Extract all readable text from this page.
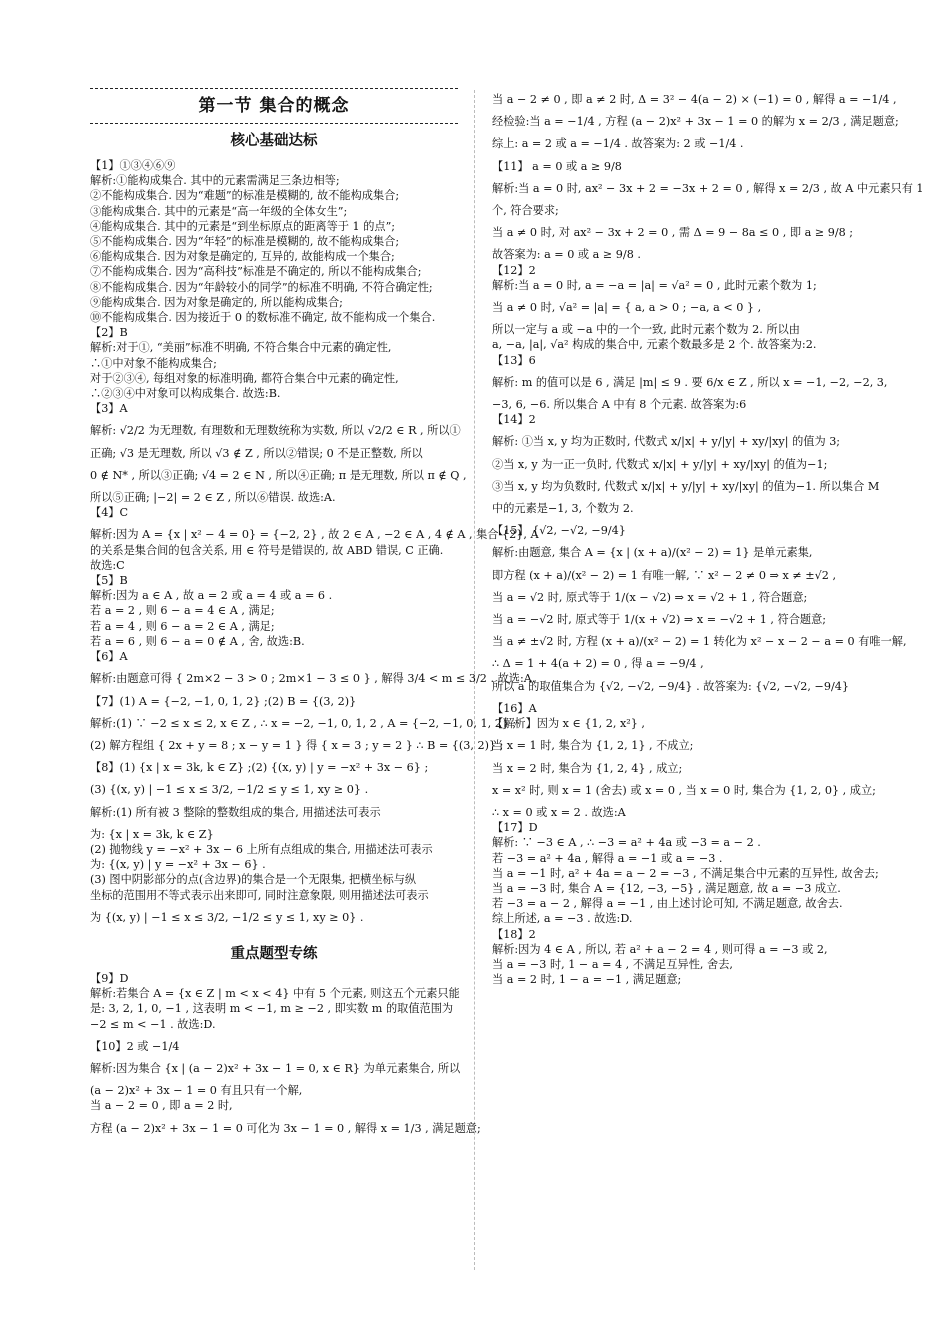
第一节 集合的概念
核心基础达标
【1】①③④⑥⑨
解析:①能构成集合. 其中的元素需满足三条边相等;
②不能构成集合. 因为“难题”的标准是模糊的, 故不能构成集合;
③能构成集合. 其中的元素是“高一年级的全体女生”;
④能构成集合. 其中的元素是“到坐标原点的距离等于 1 的点”;
⑤不能构成集合. 因为“年轻”的标准是模糊的, 故不能构成集合;
⑥能构成集合. 因为对象是确定的, 互异的, 故能构成一个集合;
⑦不能构成集合. 因为“高科技”标准是不确定的, 所以不能构成集合;
⑧不能构成集合. 因为“年龄较小的同学”的标准不明确, 不符合确定性;
⑨能构成集合. 因为对象是确定的, 所以能构成集合;
⑩不能构成集合. 因为接近于 0 的数标准不确定, 故不能构成一个集合.
【2】B
解析:对于①, “美丽”标准不明确, 不符合集合中元素的确定性,
∴①中对象不能构成集合;
对于②③④, 每组对象的标准明确, 都符合集合中元素的确定性,
∴②③④中对象可以构成集合. 故选:B.
【3】A
解析: √2/2 为无理数, 有理数和无理数统称为实数, 所以 √2/2 ∈ R , 所以①
正确; √3 是无理数, 所以 √3 ∉ Z , 所以②错误; 0 不是正整数, 所以
0 ∉ N* , 所以③正确; √4 = 2 ∈ N , 所以④正确; π 是无理数, 所以 π ∉ Q ,
所以⑤正确; |−2| = 2 ∈ Z , 所以⑥错误. 故选:A.
【4】C
解析:因为 A = {x | x² − 4 = 0} = {−2, 2} , 故 2 ∈ A , −2 ∈ A , 4 ∉ A , 集合 {2}, A
的关系是集合间的包含关系, 用 ∈ 符号是错误的, 故 ABD 错误, C 正确.
故选:C
【5】B
解析:因为 a ∈ A , 故 a = 2 或 a = 4 或 a = 6 .
若 a = 2 , 则 6 − a = 4 ∈ A , 满足;
若 a = 4 , 则 6 − a = 2 ∈ A , 满足;
若 a = 6 , 则 6 − a = 0 ∉ A , 舍, 故选:B.
【6】A
解析:由题意可得 { 2m×2 − 3 > 0 ; 2m×1 − 3 ≤ 0 } , 解得 3/4 < m ≤ 3/2 . 故选:A.
【7】(1) A = {−2, −1, 0, 1, 2} ;(2) B = {(3, 2)}
解析:(1) ∵ −2 ≤ x ≤ 2, x ∈ Z , ∴ x = −2, −1, 0, 1, 2 , A = {−2, −1, 0, 1, 2} ;
(2) 解方程组 { 2x + y = 8 ; x − y = 1 } 得 { x = 3 ; y = 2 } ∴ B = {(3, 2)} ;
【8】(1) {x | x = 3k, k ∈ Z} ;(2) {(x, y) | y = −x² + 3x − 6} ;
(3) {(x, y) | −1 ≤ x ≤ 3/2, −1/2 ≤ y ≤ 1, xy ≥ 0} .
解析:(1) 所有被 3 整除的整数组成的集合, 用描述法可表示
为: {x | x = 3k, k ∈ Z}
(2) 抛物线 y = −x² + 3x − 6 上所有点组成的集合, 用描述法可表示
为: {(x, y) | y = −x² + 3x − 6} .
(3) 图中阴影部分的点(含边界)的集合是一个无限集, 把横坐标与纵
坐标的范围用不等式表示出来即可, 同时注意象限, 则用描述法可表示
为 {(x, y) | −1 ≤ x ≤ 3/2, −1/2 ≤ y ≤ 1, xy ≥ 0} .
重点题型专练
【9】D
解析:若集合 A = {x ∈ Z | m < x < 4} 中有 5 个元素, 则这五个元素只能
是: 3, 2, 1, 0, −1 , 这表明 m < −1, m ≥ −2 , 即实数 m 的取值范围为
−2 ≤ m < −1 . 故选:D.
【10】2 或 −1/4
解析:因为集合 {x | (a − 2)x² + 3x − 1 = 0, x ∈ R} 为单元素集合, 所以
(a − 2)x² + 3x − 1 = 0 有且只有一个解,
当 a − 2 = 0 , 即 a = 2 时,
方程 (a − 2)x² + 3x − 1 = 0 可化为 3x − 1 = 0 , 解得 x = 1/3 , 满足题意;
当 a − 2 ≠ 0 , 即 a ≠ 2 时, Δ = 3² − 4(a − 2) × (−1) = 0 , 解得 a = −1/4 ,
经检验:当 a = −1/4 , 方程 (a − 2)x² + 3x − 1 = 0 的解为 x = 2/3 , 满足题意;
综上: a = 2 或 a = −1/4 . 故答案为: 2 或 −1/4 .
【11】 a = 0 或 a ≥ 9/8
解析:当 a = 0 时, ax² − 3x + 2 = −3x + 2 = 0 , 解得 x = 2/3 , 故 A 中元素只有 1
个, 符合要求;
当 a ≠ 0 时, 对 ax² − 3x + 2 = 0 , 需 Δ = 9 − 8a ≤ 0 , 即 a ≥ 9/8 ;
故答案为: a = 0 或 a ≥ 9/8 .
【12】2
解析:当 a = 0 时, a = −a = |a| = √a² = 0 , 此时元素个数为 1;
当 a ≠ 0 时, √a² = |a| = { a, a > 0 ; −a, a < 0 } ,
所以一定与 a 或 −a 中的一个一致, 此时元素个数为 2. 所以由
a, −a, |a|, √a² 构成的集合中, 元素个数最多是 2 个. 故答案为:2.
【13】6
解析: m 的值可以是 6 , 满足 |m| ≤ 9 . 要 6/x ∈ Z , 所以 x = −1, −2, −2, 3,
−3, 6, −6. 所以集合 A 中有 8 个元素. 故答案为:6
【14】2
解析: ①当 x, y 均为正数时, 代数式 x/|x| + y/|y| + xy/|xy| 的值为 3;
②当 x, y 为一正一负时, 代数式 x/|x| + y/|y| + xy/|xy| 的值为−1;
③当 x, y 均为负数时, 代数式 x/|x| + y/|y| + xy/|xy| 的值为−1. 所以集合 M
中的元素是−1, 3, 个数为 2.
【15】 {√2, −√2, −9/4}
解析:由题意, 集合 A = {x | (x + a)/(x² − 2) = 1} 是单元素集,
即方程 (x + a)/(x² − 2) = 1 有唯一解, ∵ x² − 2 ≠ 0 ⇒ x ≠ ±√2 ,
当 a = √2 时, 原式等于 1/(x − √2) ⇒ x = √2 + 1 , 符合题意;
当 a = −√2 时, 原式等于 1/(x + √2) ⇒ x = −√2 + 1 , 符合题意;
当 a ≠ ±√2 时, 方程 (x + a)/(x² − 2) = 1 转化为 x² − x − 2 − a = 0 有唯一解,
∴ Δ = 1 + 4(a + 2) = 0 , 得 a = −9/4 ,
所以 a 的取值集合为 {√2, −√2, −9/4} . 故答案为: {√2, −√2, −9/4}
【16】A
【解析】因为 x ∈ {1, 2, x²} ,
当 x = 1 时, 集合为 {1, 2, 1} , 不成立;
当 x = 2 时, 集合为 {1, 2, 4} , 成立;
x = x² 时, 则 x = 1 (舍去) 或 x = 0 , 当 x = 0 时, 集合为 {1, 2, 0} , 成立;
∴ x = 0 或 x = 2 . 故选:A
【17】D
解析: ∵ −3 ∈ A , ∴ −3 = a² + 4a 或 −3 = a − 2 .
若 −3 = a² + 4a , 解得 a = −1 或 a = −3 .
当 a = −1 时, a² + 4a = a − 2 = −3 , 不满足集合中元素的互异性, 故舍去;
当 a = −3 时, 集合 A = {12, −3, −5} , 满足题意, 故 a = −3 成立.
若 −3 = a − 2 , 解得 a = −1 , 由上述讨论可知, 不满足题意, 故舍去.
综上所述, a = −3 . 故选:D.
【18】2
解析:因为 4 ∈ A , 所以, 若 a² + a − 2 = 4 , 则可得 a = −3 或 2,
当 a = −3 时, 1 − a = 4 , 不满足互异性, 舍去,
当 a = 2 时, 1 − a = −1 , 满足题意;
